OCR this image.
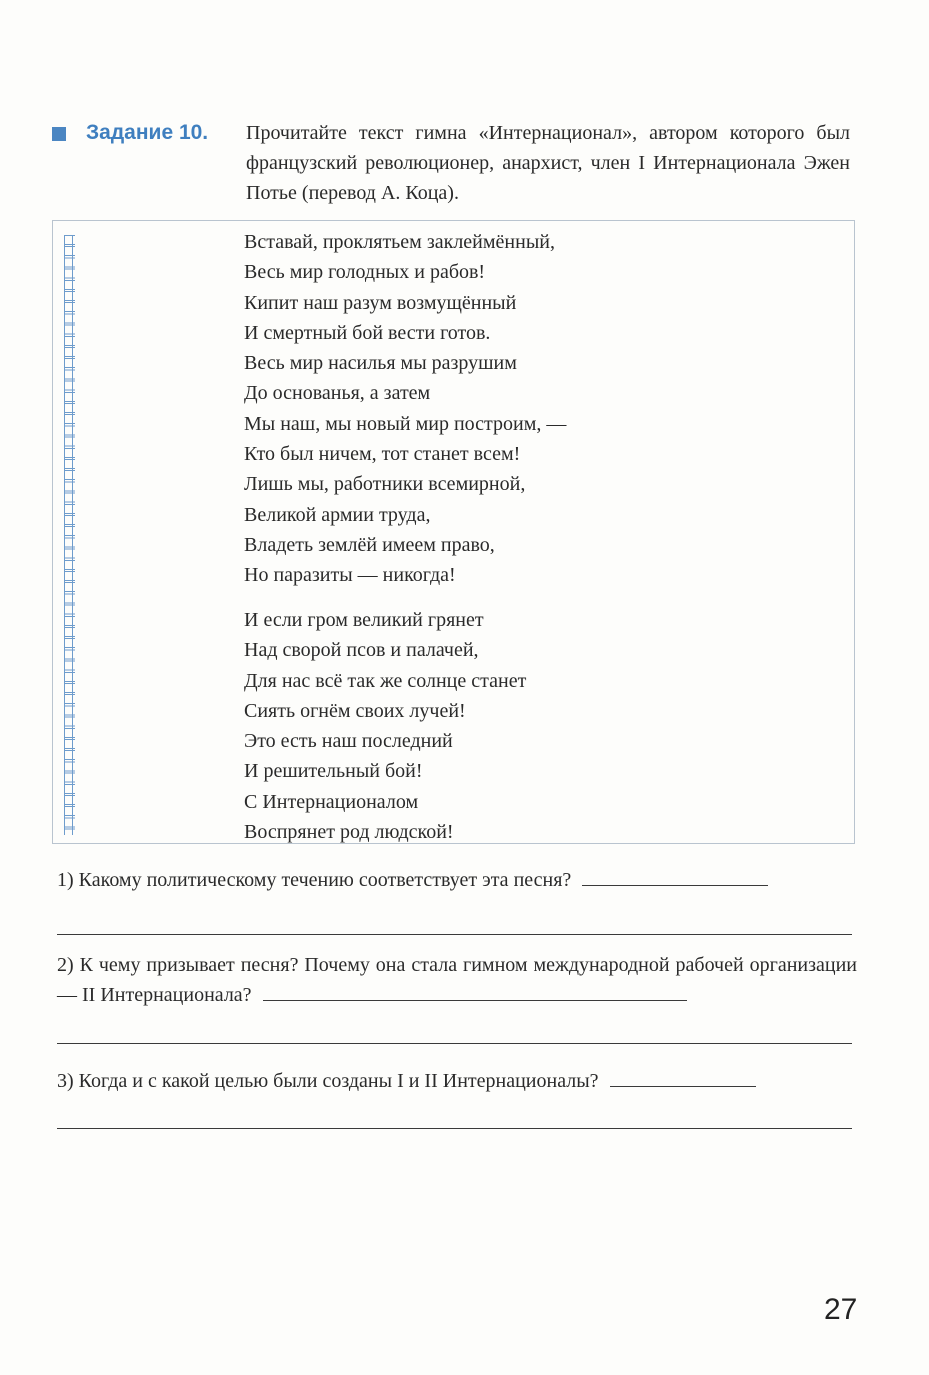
Задание 10. Прочитайте текст гимна «Интернационал», автором которого был французский революционер, анархист, член I Интернационала Эжен Потье (перевод А. Коца).
Вставай, проклятьем заклеймённый,
Весь мир голодных и рабов!
Кипит наш разум возмущённый
И смертный бой вести готов.
Весь мир насилья мы разрушим
До основанья, а затем
Мы наш, мы новый мир построим, —
Кто был ничем, тот станет всем!
Лишь мы, работники всемирной,
Великой армии труда,
Владеть землёй имеем право,
Но паразиты — никогда!
И если гром великий грянет
Над сворой псов и палачей,
Для нас всё так же солнце станет
Сиять огнём своих лучей!
Это есть наш последний
И решительный бой!
С Интернационалом
Воспрянет род людской!
1) Какому политическому течению соответствует эта песня?
2) К чему призывает песня? Почему она стала гимном международной рабочей организации — II Интернационала?
3) Когда и с какой целью были созданы I и II Интернационалы?
27
